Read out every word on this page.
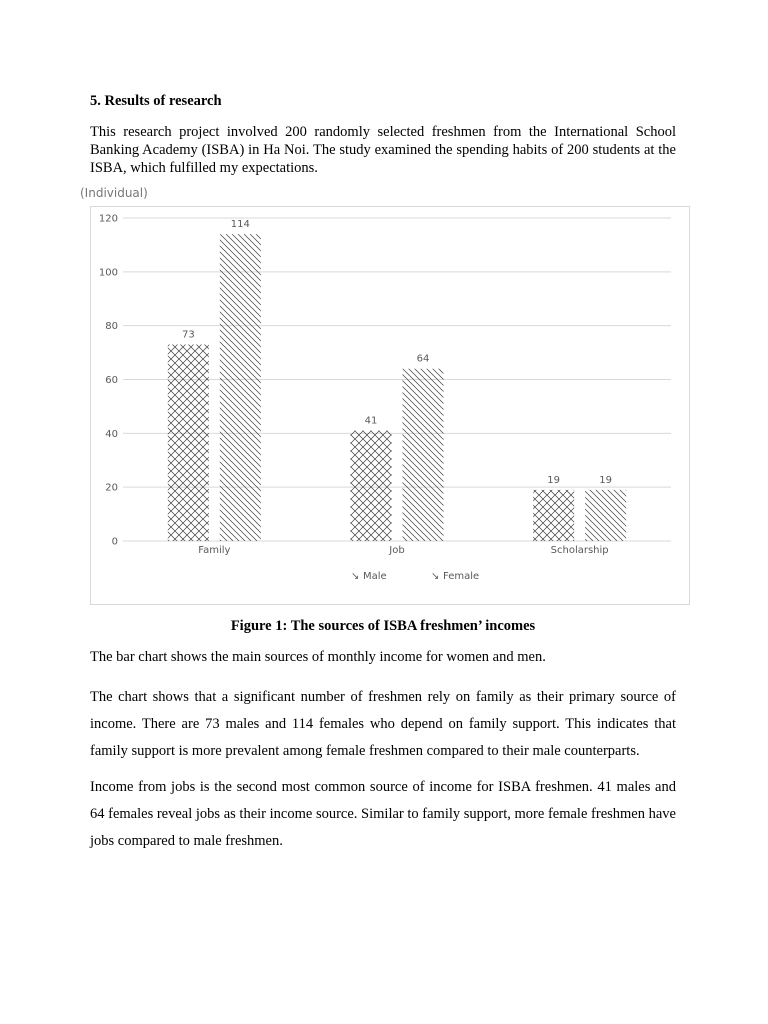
5. Results of research

This research project involved 200 randomly selected freshmen from the International School Banking Academy (ISBA) in Ha Noi. The study examined the spending habits of 200 students at the ISBA, which fulfilled my expectations.

(Individual)
0
20
40
60
80
100
120
73
114
Family
41
64
Job
19	19
Scholarship
↘ Male	↘ Female

Figure 1: The sources of ISBA freshmen’ incomes

The bar chart shows the main sources of monthly income for women and men.

The chart shows that a significant number of freshmen rely on family as their primary source of income. There are 73 males and 114 females who depend on family support. This indicates that family support is more prevalent among female freshmen compared to their male counterparts.

Income from jobs is the second most common source of income for ISBA freshmen. 41 males and 64 females reveal jobs as their income source. Similar to family support, more female freshmen have jobs compared to male freshmen.
